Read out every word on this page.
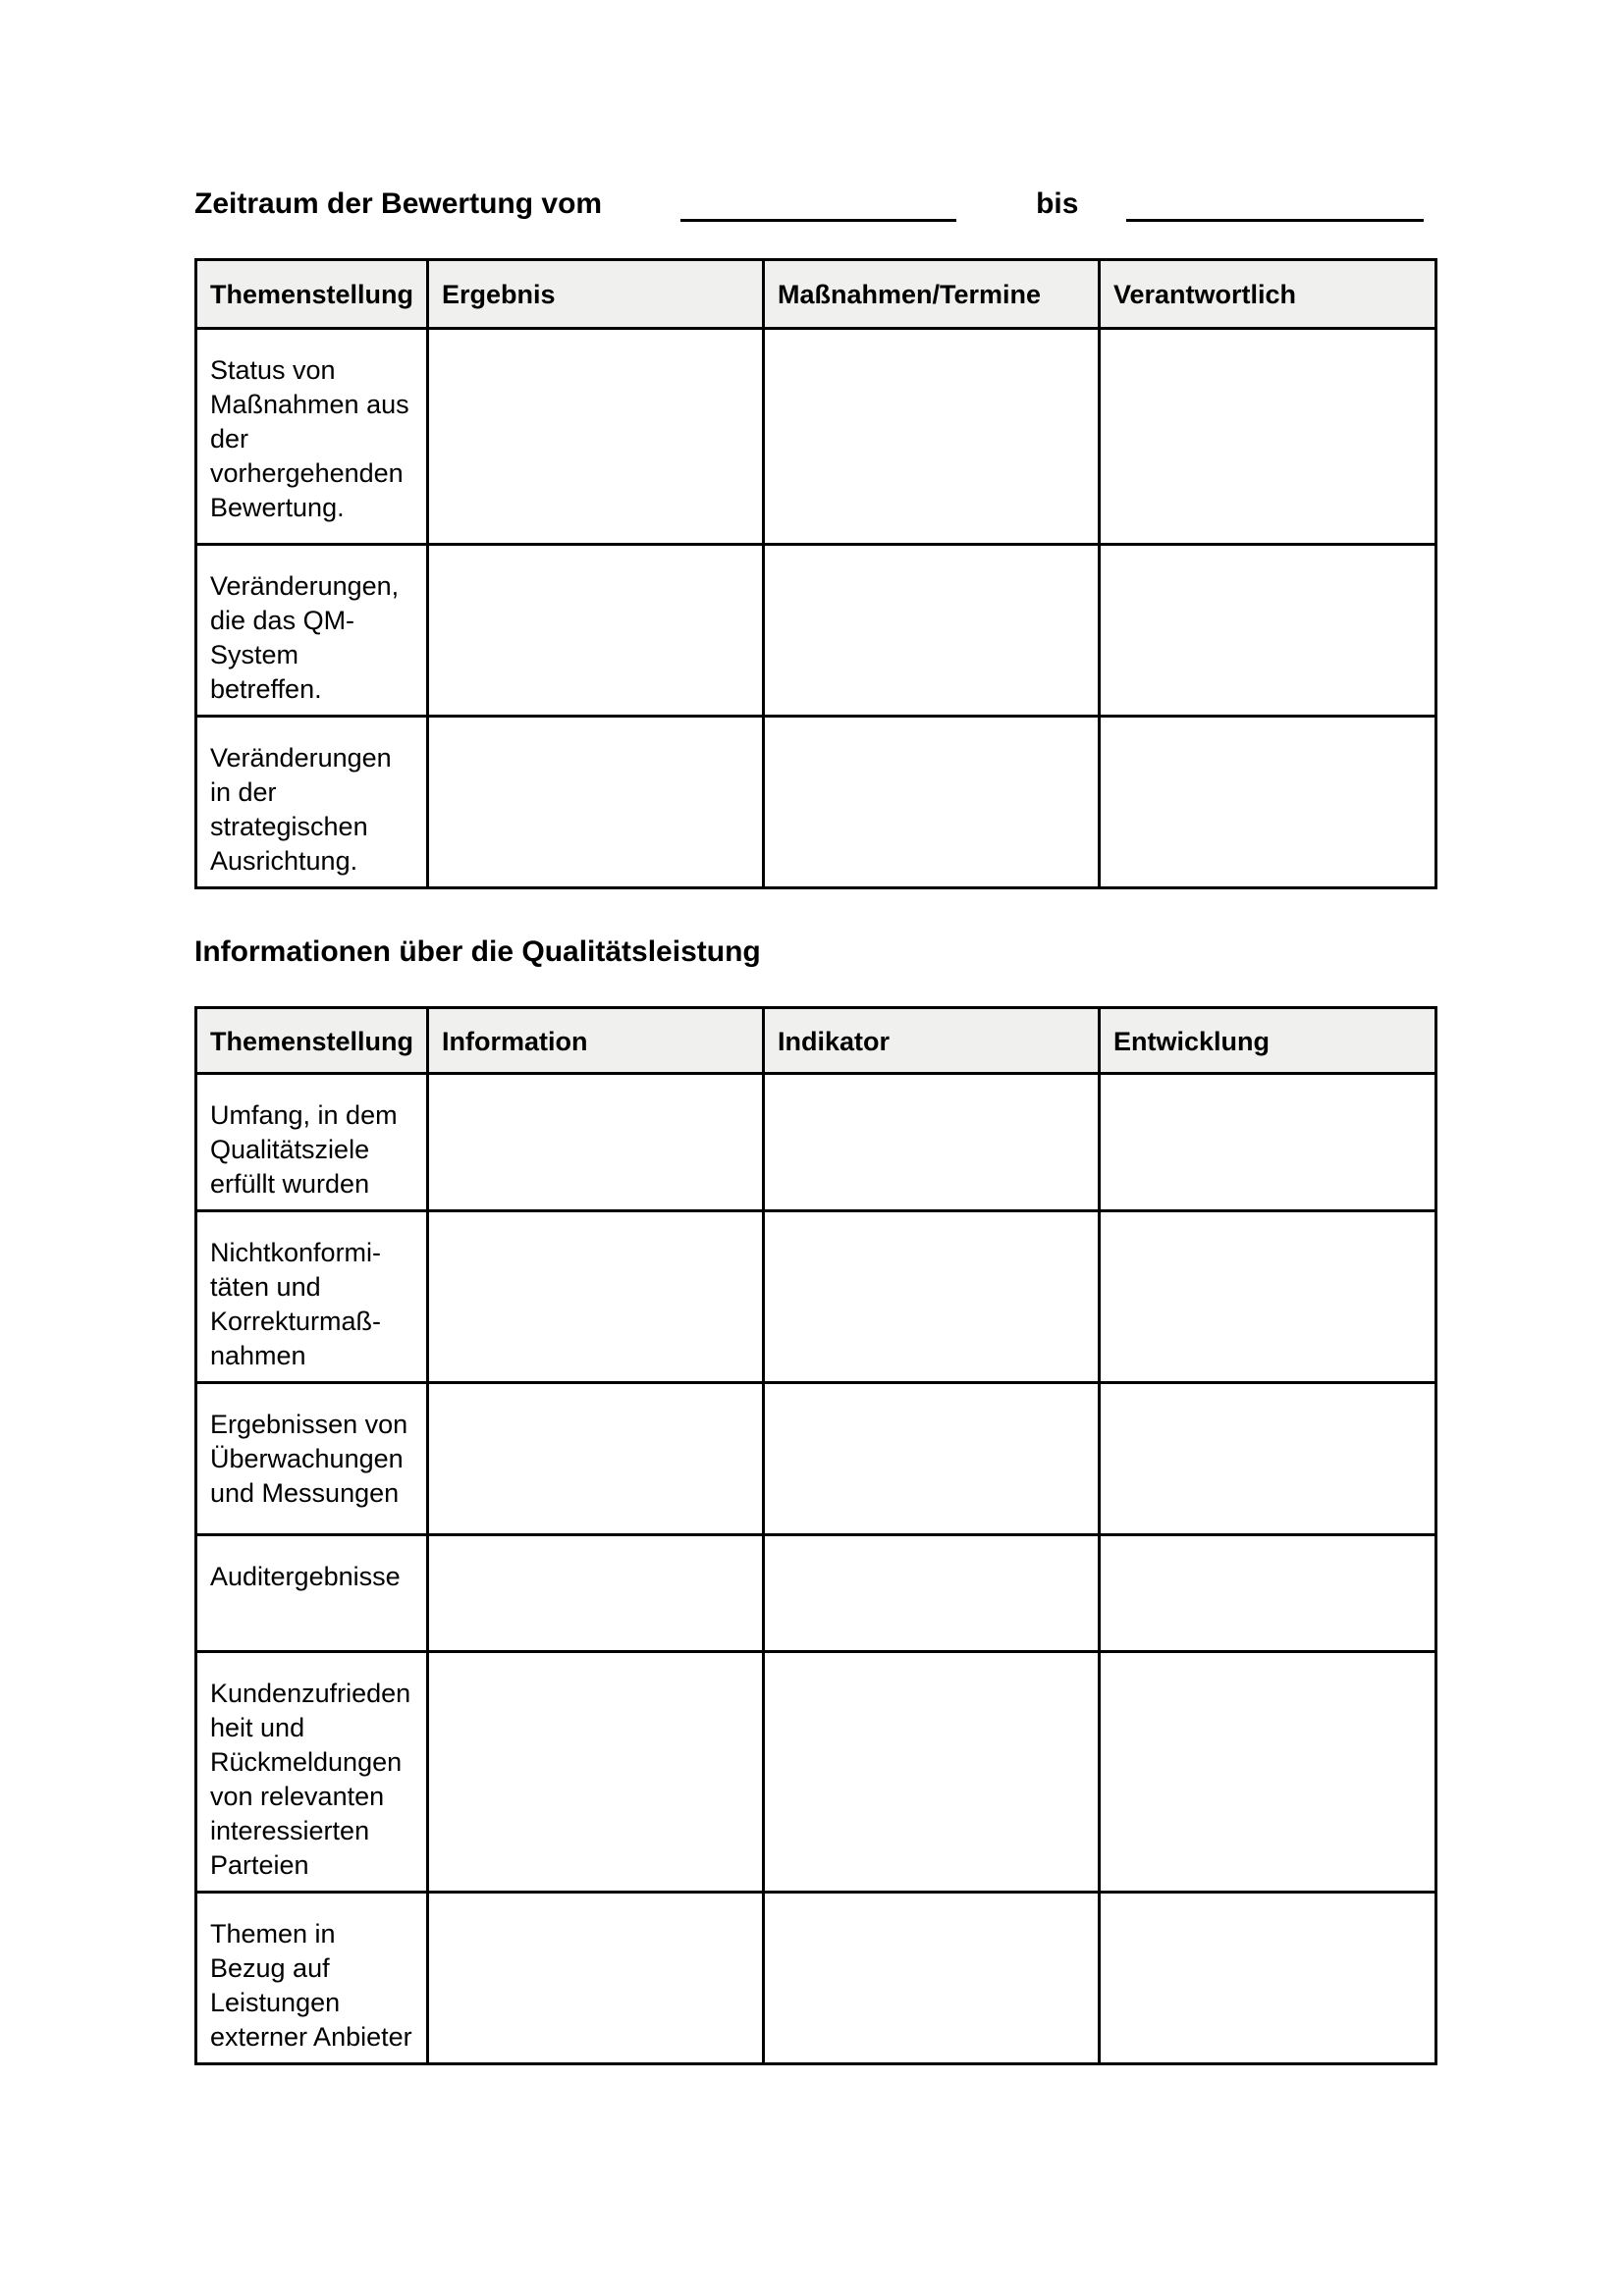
Zeitraum der Bewertung vom	bis
Themenstellung	Ergebnis	Maßnahmen/Termine	Verantwortlich
Status von Maßnahmen aus der vorhergehenden Bewertung.			
Veränderungen, die das QM-System betreffen.			
Veränderungen in der strategischen Ausrichtung.			
Informationen über die Qualitätsleistung
Themenstellung	Information	Indikator	Entwicklung
Umfang, in dem Qualitätsziele erfüllt wurden			
Nichtkonformi-täten und Korrekturmaß-nahmen			
Ergebnissen von Überwachungen und Messungen			
Auditergebnisse			
Kundenzufrieden heit und Rückmeldungen von relevanten interessierten Parteien			
Themen in Bezug auf Leistungen externer Anbieter			
